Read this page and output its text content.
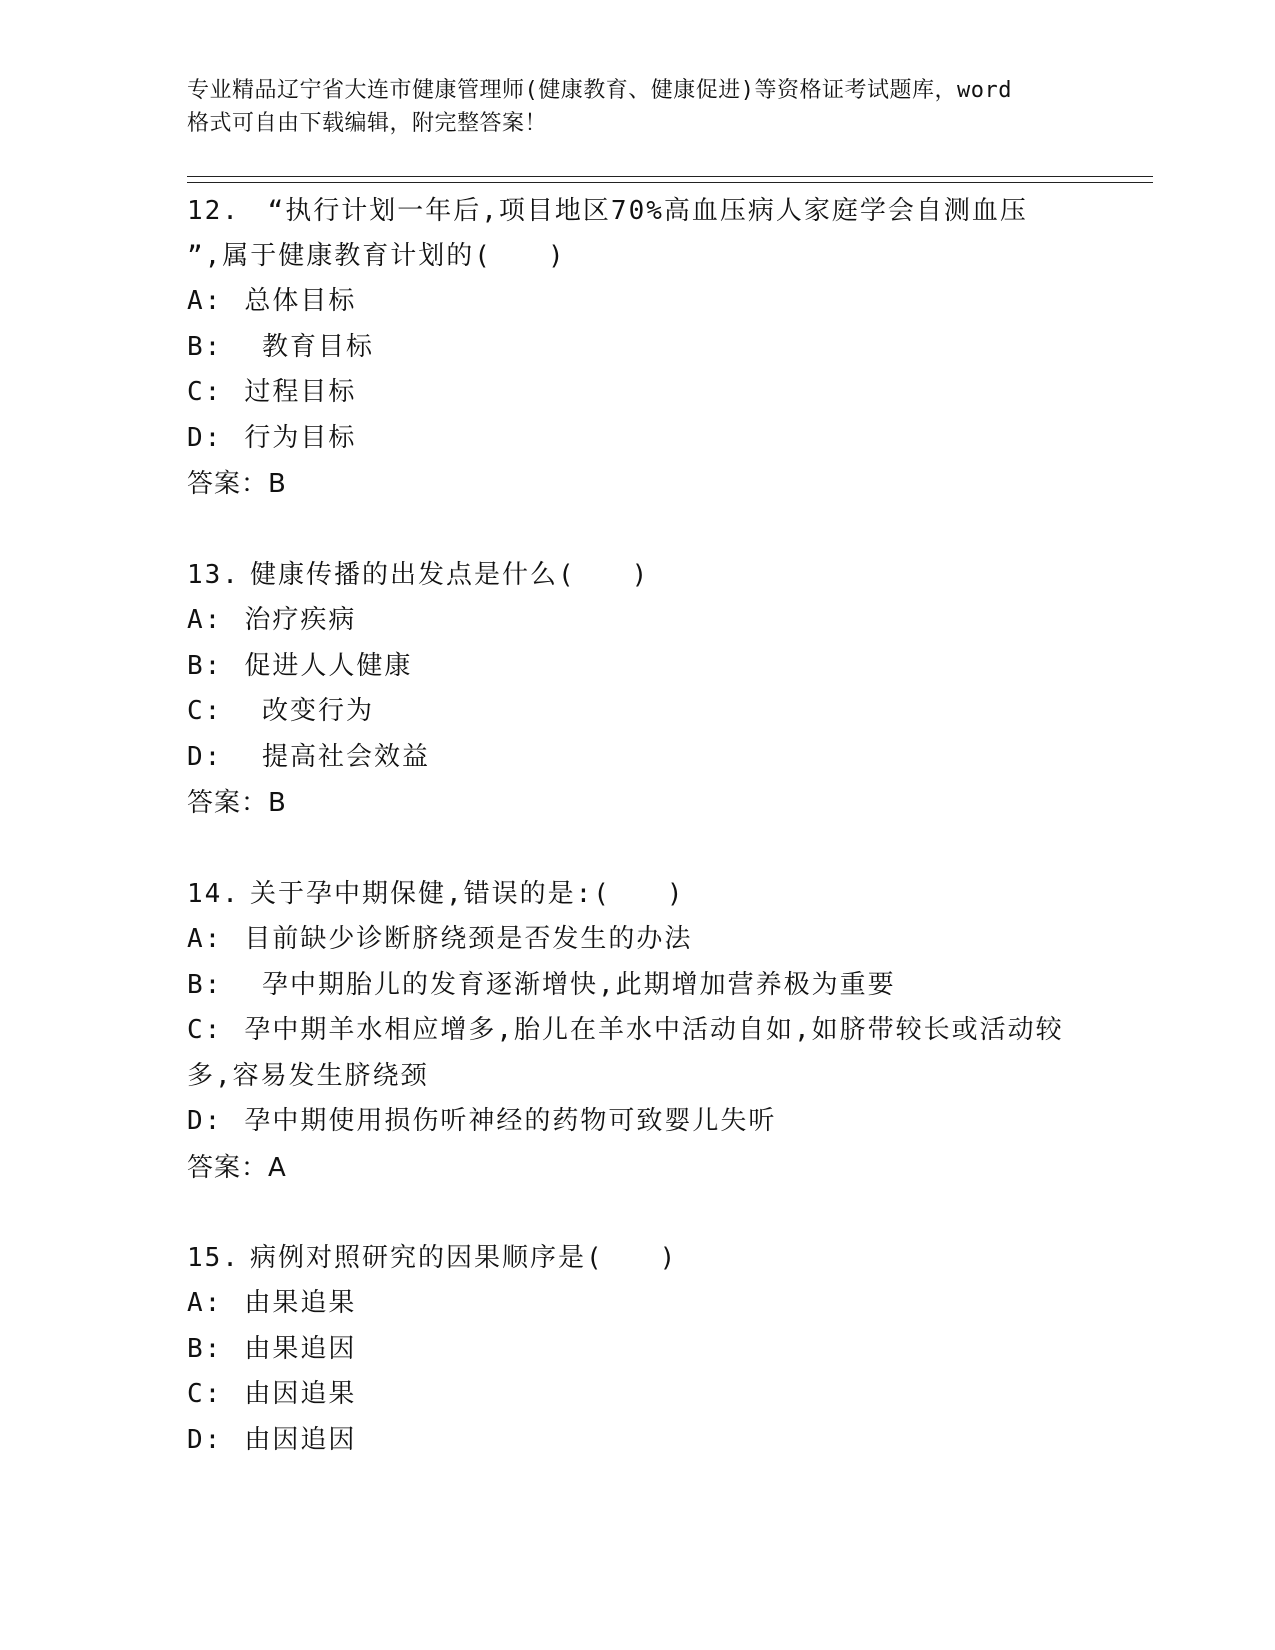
专业精品辽宁省大连市健康管理师(健康教育、健康促进)等资格证考试题库，word
格式可自由下载编辑，附完整答案！

12. “执行计划一年后,项目地区70%高血压病人家庭学会自测血压

”,属于健康教育计划的(　　)

A: 总体目标

B: 教育目标

C: 过程目标

D: 行为目标

答案：B

13. 健康传播的出发点是什么(　　)

A: 治疗疾病

B: 促进人人健康

C: 改变行为

D: 提高社会效益

答案：B

14. 关于孕中期保健,错误的是:(　　)

A: 目前缺少诊断脐绕颈是否发生的办法

B: 孕中期胎儿的发育逐渐增快,此期增加营养极为重要

C: 孕中期羊水相应增多,胎儿在羊水中活动自如,如脐带较长或活动较

多,容易发生脐绕颈

D: 孕中期使用损伤听神经的药物可致婴儿失听

答案：A

15. 病例对照研究的因果顺序是(　　)

A: 由果追果

B: 由果追因

C: 由因追果

D: 由因追因
